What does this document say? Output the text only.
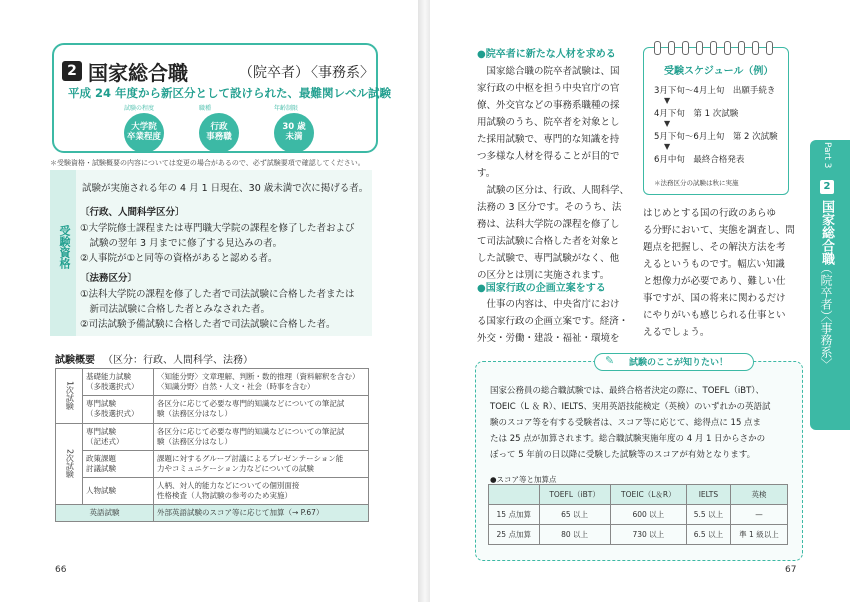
2 国家総合職	（院卒者）
〈事務系〉
平成 24 年度から新区分として設けられた、最難関レベル試験
試験の程度
大学院
卒業程度
職種
行政
事務職
年齢制限
30 歳
未満
＊受験資格・試験概要の内容については変更の場合があるので、必ず試験要項で確認してください。
受験資格
試験が実施される年の 4 月 1 日現在、30 歳未満で次に掲げる者。
〔行政、人間科学区分〕
①大学院修士課程または専門職大学院の課程を修了した者および
　試験の翌年 3 月までに修了する見込みの者。
②人事院が①と同等の資格があると認める者。
〔法務区分〕
①法科大学院の課程を修了した者で司法試験に合格した者または
　新司法試験に合格した者とみなされた者。
②司法試験予備試験に合格した者で司法試験に合格した者。
試験概要 （区分：行政、人間科学、法務）
1次試験	基礎能力試験
（多肢選択式）	〈知能分野〉文章理解、判断・数的推理（資料解釈を含む）
〈知識分野〉自然・人文・社会（時事を含む）
	専門試験
（多肢選択式）	各区分に応じて必要な専門的知識などについての筆記試
験（法務区分はなし）
2次試験	専門試験
（記述式）	各区分に応じて必要な専門的知識などについての筆記試
験（法務区分はなし）
	政策課題
討議試験	課題に対するグループ討議によるプレゼンテーション能
力やコミュニケーション力などについての試験
	人物試験	人柄、対人的能力などについての個別面接
性格検査（人物試験の参考のため実施）
英語試験		外部英語試験のスコア等に応じて加算（→ P.67）
66
●院卒者に新たな人材を求める
　国家総合職の院卒者試験は、国
家行政の中枢を担う中央官庁の官
僚、外交官などの事務系職種の採
用試験のうち、院卒者を対象とし
た採用試験で、専門的な知識を持
つ多様な人材を得ることが目的で
す。
　試験の区分は、行政、人間科学、
法務の 3 区分です。そのうち、法
務は、法科大学院の課程を修了し
て司法試験に合格した者を対象と
した試験で、専門試験がなく、他
の区分とは別に実施されます。
●国家行政の企画立案をする
　仕事の内容は、中央省庁におけ
る国家行政の企画立案です。経済・
外交・労働・建設・福祉・環境を
受験スケジュール（例）
3月下旬〜4月上旬　出願手続き
▼
4月下旬　第 1 次試験
▼
5月下旬〜6月上旬　第 2 次試験
▼
6月中旬　最終合格発表
＊法務区分の試験は秋に実施
はじめとする国の行政のあらゆ
る分野において、実態を調査し、問
題点を把握し、その解決方法を考
えるというものです。幅広い知識
と想像力が必要であり、難しい仕
事ですが、国の将来に関わるだけ
にやりがいも感じられる仕事とい
えるでしょう。
Part 3
2
国家総合職
（院卒者）
〈事務系〉
✎ 試験のここが知りたい！
国家公務員の総合職試験では、最終合格者決定の際に、TOEFL（iBT）、
TOEIC（L ＆ R）、IELTS、実用英語技能検定（英検）のいずれかの英語試
験のスコア等を有する受験者は、スコア等に応じて、総得点に 15 点ま
たは 25 点が加算されます。総合職試験実施年度の 4 月 1 日からさかの
ぼって 5 年前の日以降に受験した試験等のスコアが有効となります。
●スコア等と加算点
	TOEFL（iBT）	TOEIC（L＆R）	IELTS	英検
15 点加算	65 以上	600 以上	5.5 以上	—
25 点加算	80 以上	730 以上	6.5 以上	準 1 級以上
67
